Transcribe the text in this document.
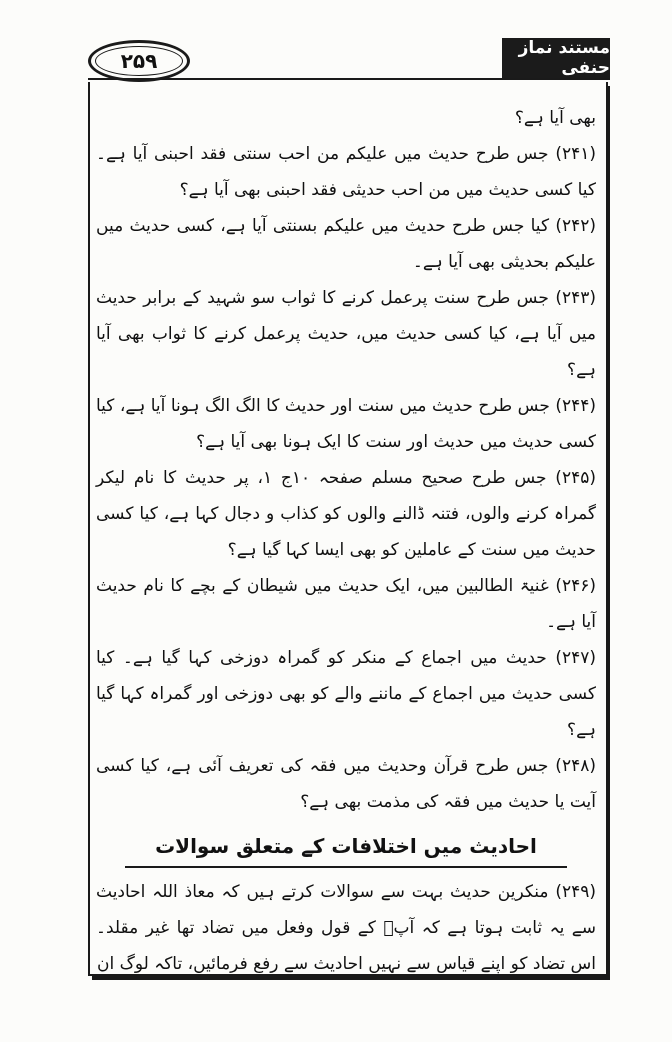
۲۵۹
مستند نماز حنفی

بھی آیا ہے؟

(۲۴۱) جس طرح حدیث میں علیکم من احب سنتی فقد احبنی آیا ہے۔ کیا کسی حدیث میں من احب حدیثی فقد احبنی بھی آیا ہے؟

(۲۴۲) کیا جس طرح حدیث میں علیکم بسنتی آیا ہے، کسی حدیث میں علیکم بحدیثی بھی آیا ہے۔

(۲۴۳) جس طرح سنت پرعمل کرنے کا ثواب سو شہید کے برابر حدیث میں آیا ہے، کیا کسی حدیث میں، حدیث پرعمل کرنے کا ثواب بھی آیا ہے؟

(۲۴۴) جس طرح حدیث میں سنت اور حدیث کا الگ الگ ہونا آیا ہے، کیا کسی حدیث میں حدیث اور سنت کا ایک ہونا بھی آیا ہے؟

(۲۴۵) جس طرح صحیح مسلم صفحہ ۱۰ج ۱، پر حدیث کا نام لیکر گمراہ کرنے والوں، فتنہ ڈالنے والوں کو کذاب و دجال کہا ہے، کیا کسی حدیث میں سنت کے عاملین کو بھی ایسا کہا گیا ہے؟

(۲۴۶) غنیۃ الطالبین میں، ایک حدیث میں شیطان کے بچے کا نام حدیث آیا ہے۔

(۲۴۷) حدیث میں اجماع کے منکر کو گمراہ دوزخی کہا گیا ہے۔ کیا کسی حدیث میں اجماع کے ماننے والے کو بھی دوزخی اور گمراہ کہا گیا ہے؟

(۲۴۸) جس طرح قرآن وحدیث میں فقہ کی تعریف آئی ہے، کیا کسی آیت یا حدیث میں فقہ کی مذمت بھی ہے؟

احادیث میں اختلافات کے متعلق سوالات

(۲۴۹) منکرین حدیث بہت سے سوالات کرتے ہیں کہ معاذ اللہ احادیث سے یہ ثابت ہوتا ہے کہ آپؐ کے قول وفعل میں تضاد تھا غیر مقلد۔ اس تضاد کو اپنے قیاس سے نہیں احادیث سے رفع فرمائیں، تاکہ لوگ ان
